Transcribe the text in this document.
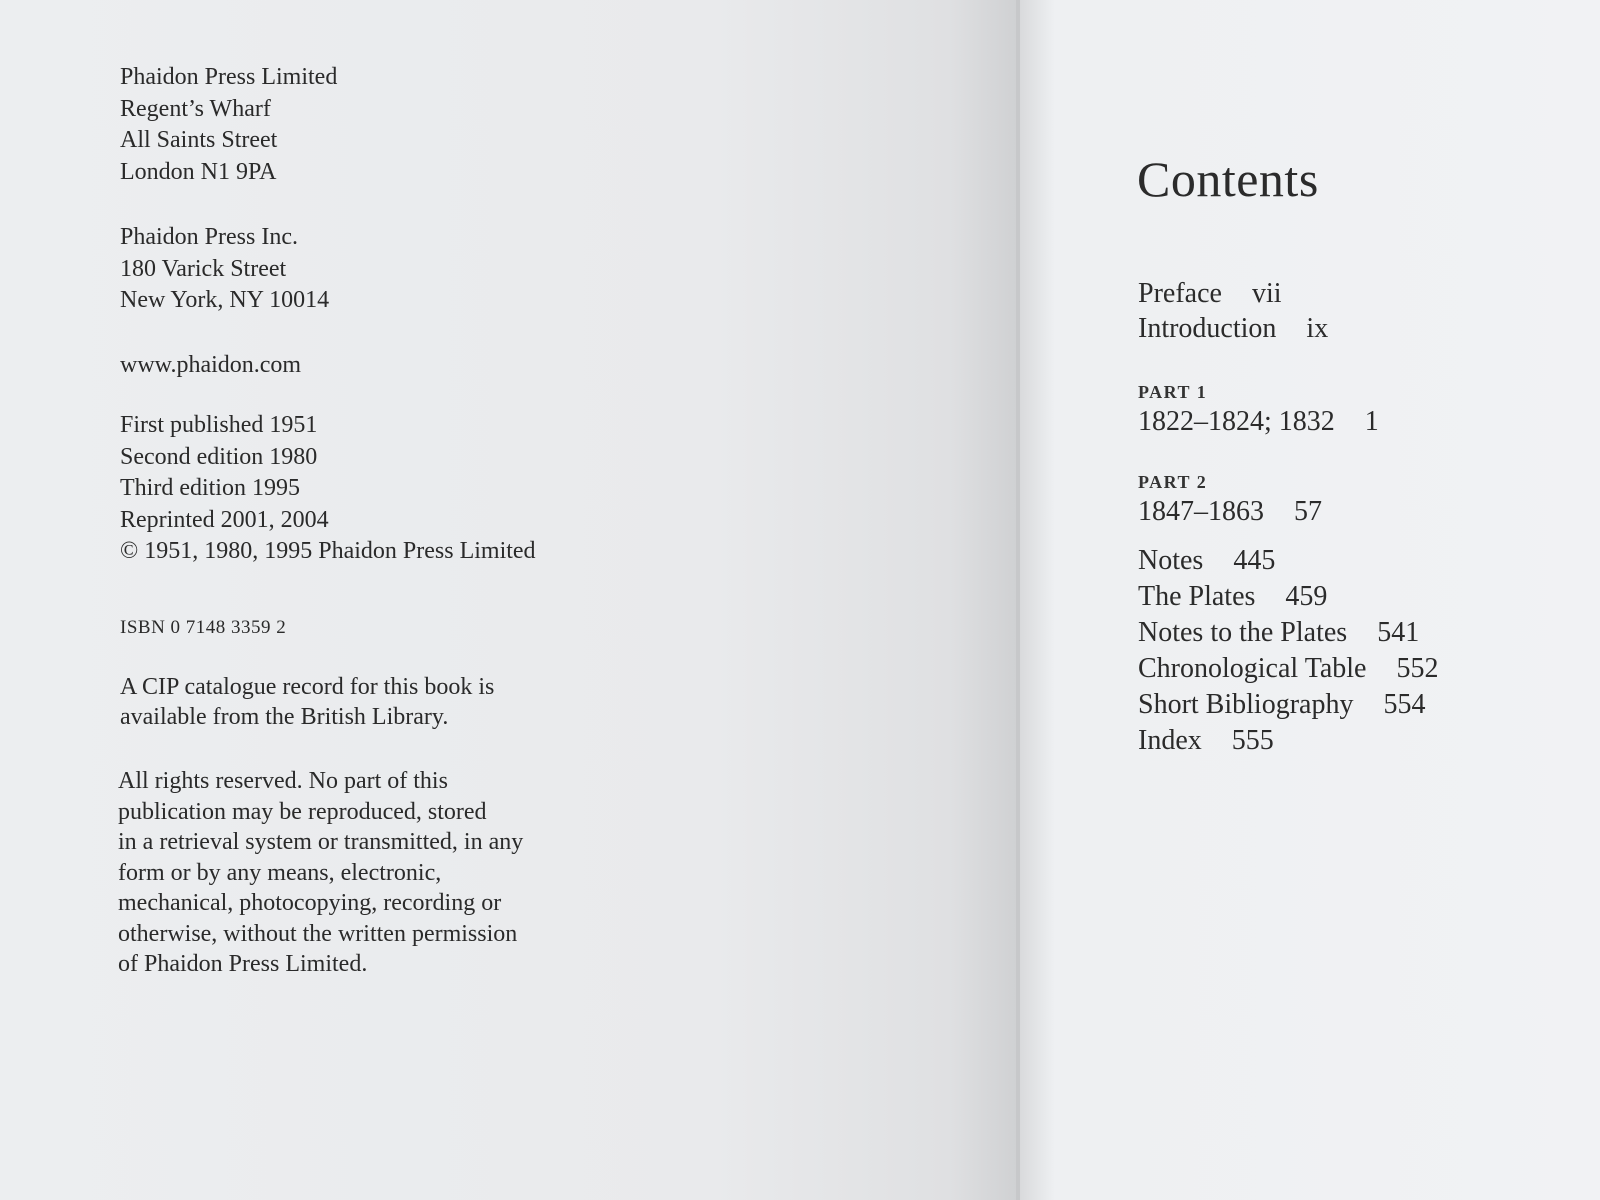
Phaidon Press Limited
Regent’s Wharf
All Saints Street
London N1 9PA
Phaidon Press Inc.
180 Varick Street
New York, NY 10014
www.phaidon.com
First published 1951
Second edition 1980
Third edition 1995
Reprinted 2001, 2004
© 1951, 1980, 1995 Phaidon Press Limited
ISBN 0 7148 3359 2
A CIP catalogue record for this book is
available from the British Library.
All rights reserved. No part of this
publication may be reproduced, stored
in a retrieval system or transmitted, in any
form or by any means, electronic,
mechanical, photocopying, recording or
otherwise, without the written permission
of Phaidon Press Limited.
Contents
Preface vii
Introduction ix
PART 1
1822–1824; 1832 1
PART 2
1847–1863 57
Notes 445
The Plates 459
Notes to the Plates 541
Chronological Table 552
Short Bibliography 554
Index 555
